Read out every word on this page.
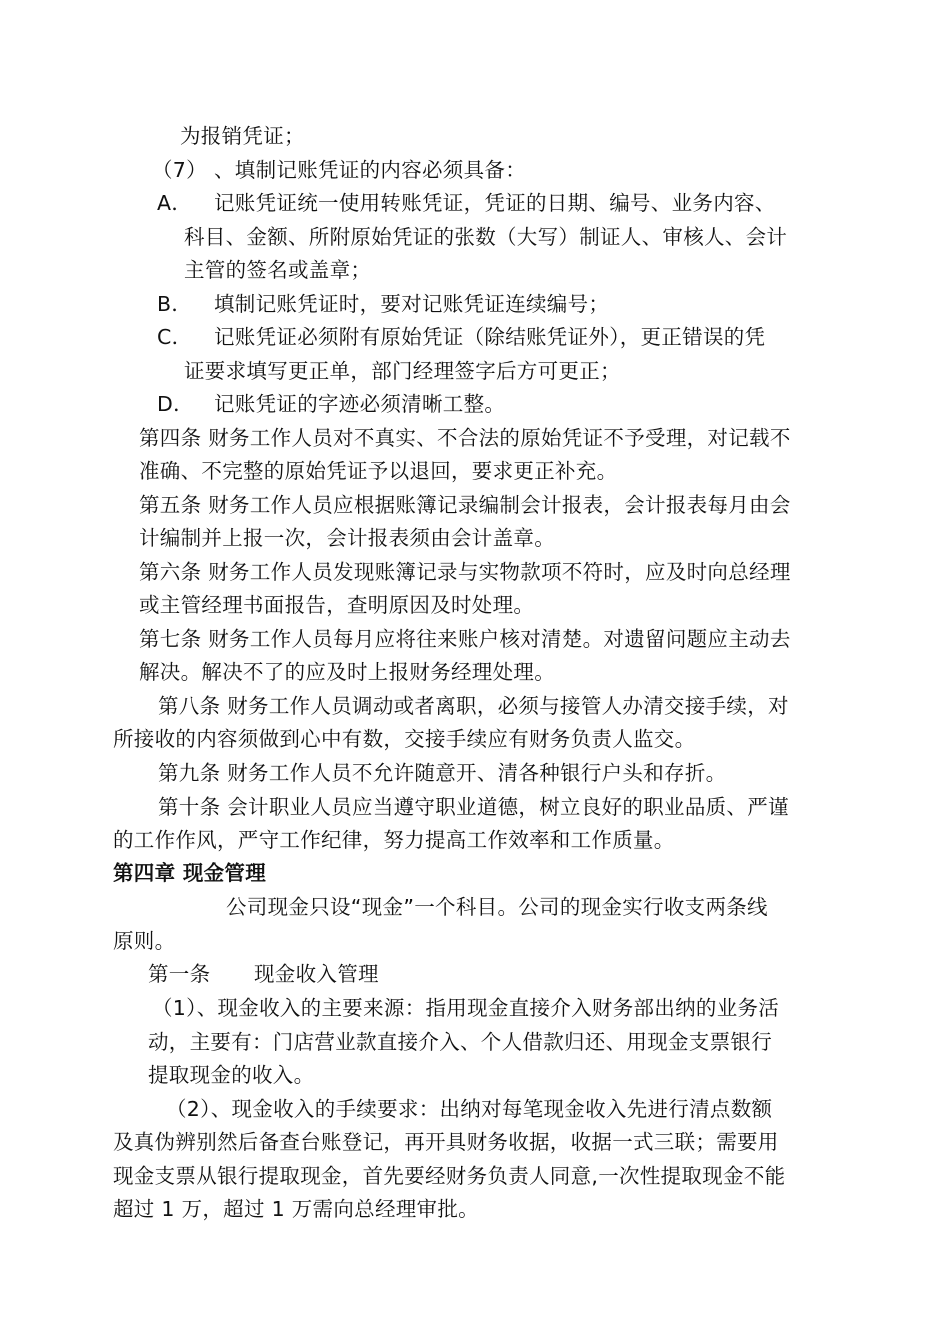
为报销凭证；
（7） 、填制记账凭证的内容必须具备：
A． 记账凭证统一使用转账凭证，凭证的日期、编号、业务内容、
科目、金额、所附原始凭证的张数（大写）制证人、审核人、会计
主管的签名或盖章；
B． 填制记账凭证时，要对记账凭证连续编号；
C． 记账凭证必须附有原始凭证（除结账凭证外），更正错误的凭
证要求填写更正单，部门经理签字后方可更正；
D． 记账凭证的字迹必须清晰工整。
第四条 财务工作人员对不真实、不合法的原始凭证不予受理，对记载不
准确、不完整的原始凭证予以退回，要求更正补充。
第五条 财务工作人员应根据账簿记录编制会计报表，会计报表每月由会
计编制并上报一次，会计报表须由会计盖章。
第六条 财务工作人员发现账簿记录与实物款项不符时，应及时向总经理
或主管经理书面报告，查明原因及时处理。
第七条 财务工作人员每月应将往来账户核对清楚。对遗留问题应主动去
解决。解决不了的应及时上报财务经理处理。
第八条 财务工作人员调动或者离职，必须与接管人办清交接手续，对
所接收的内容须做到心中有数，交接手续应有财务负责人监交。
第九条 财务工作人员不允许随意开、清各种银行户头和存折。
第十条 会计职业人员应当遵守职业道德，树立良好的职业品质、严谨
的工作作风，严守工作纪律，努力提高工作效率和工作质量。
第四章 现金管理
公司现金只设“现金”一个科目。公司的现金实行收支两条线
原则。
第一条 现金收入管理
（1）、现金收入的主要来源：指用现金直接介入财务部出纳的业务活
动，主要有：门店营业款直接介入、个人借款归还、用现金支票银行
提取现金的收入。
（2）、现金收入的手续要求：出纳对每笔现金收入先进行清点数额
及真伪辨别然后备查台账登记，再开具财务收据，收据一式三联；需要用
现金支票从银行提取现金，首先要经财务负责人同意,一次性提取现金不能
超过 1 万，超过 1 万需向总经理审批。
